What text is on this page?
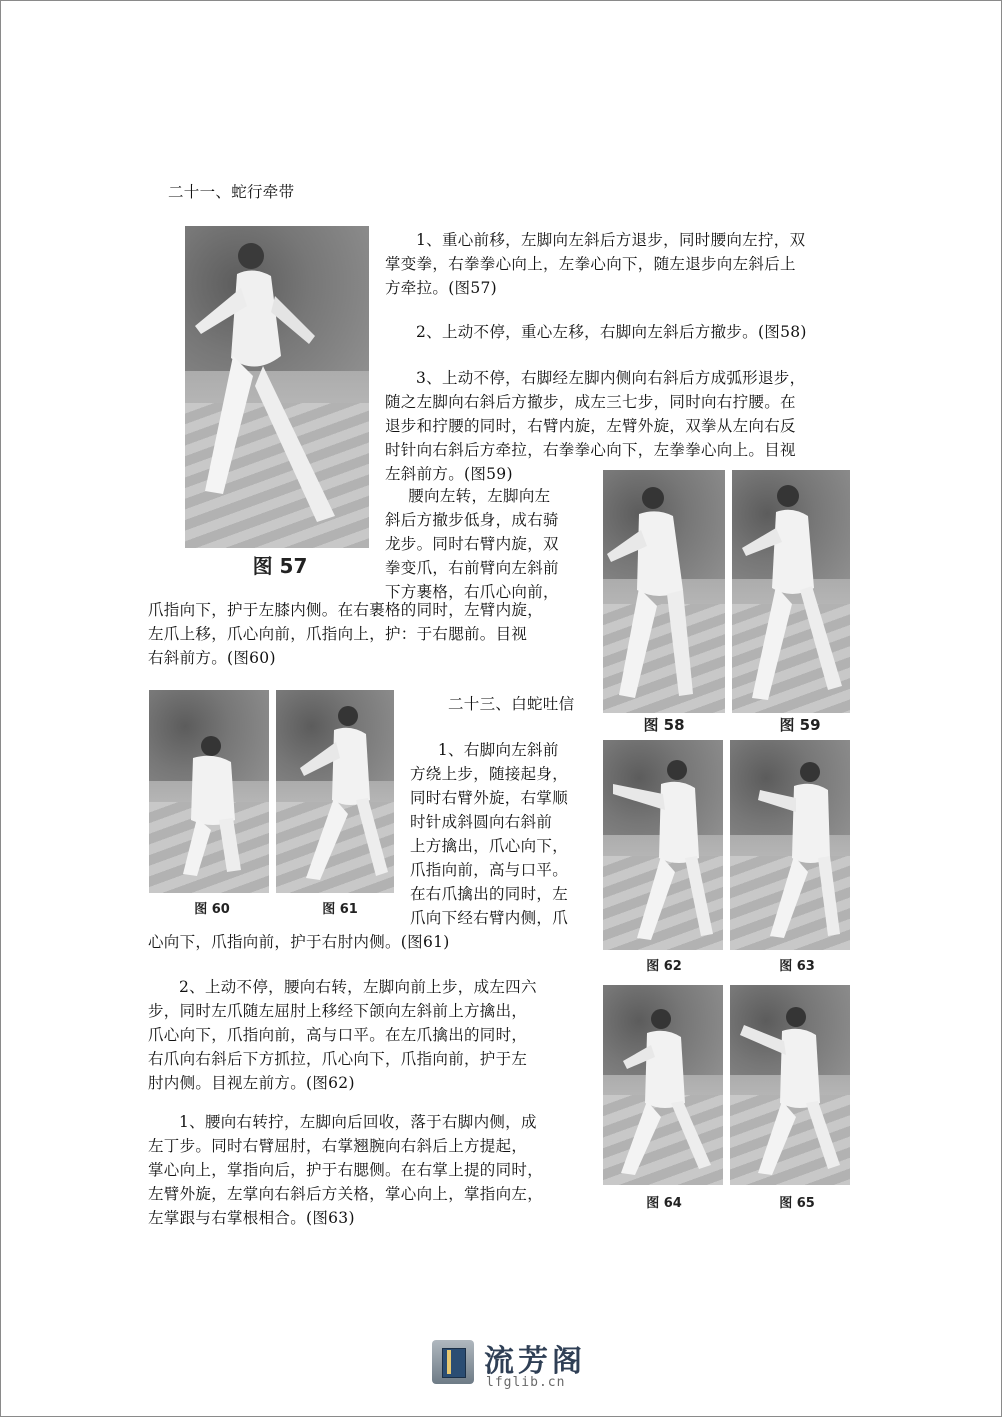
二十一、蛇行牵带
图 57
1、重心前移，左脚向左斜后方退步，同时腰向左拧，双
掌变拳，右拳拳心向上，左拳心向下，随左退步向左斜后上
方牵拉。(图57)
2、上动不停，重心左移，右脚向左斜后方撤步。(图58)
3、上动不停，右脚经左脚内侧向右斜后方成弧形退步，
随之左脚向右斜后方撤步，成左三七步，同时向右拧腰。在
退步和拧腰的同时，右臂内旋，左臂外旋，双拳从左向右反
时针向右斜后方牵拉，右拳拳心向下，左拳拳心向上。目视
左斜前方。(图59)
腰向左转，左脚向左
斜后方撤步低身，成右骑
龙步。同时右臂内旋，双
拳变爪，右前臂向左斜前
下方裹格，右爪心向前，
爪指向下，护于左膝内侧。在右裹格的同时，左臂内旋，
左爪上移，爪心向前，爪指向上，护：于右腮前。目视
右斜前方。(图60)
图 58	图 59
二十三、白蛇吐信
图 60	图 61
1、右脚向左斜前
方绕上步，随接起身，
同时右臂外旋，右掌顺
时针成斜圆向右斜前
上方擒出，爪心向下，
爪指向前，高与口平。
在右爪擒出的同时，左
爪向下经右臂内侧，爪
心向下，爪指向前，护于右肘内侧。(图61)
图 62	图 63
2、上动不停，腰向右转，左脚向前上步，成左四六
步，同时左爪随左屈肘上移经下颌向左斜前上方擒出，
爪心向下，爪指向前，高与口平。在左爪擒出的同时，
右爪向右斜后下方抓拉，爪心向下，爪指向前，护于左
肘内侧。目视左前方。(图62)
图 64	图 65
1、腰向右转拧，左脚向后回收，落于右脚内侧，成
左丁步。同时右臂屈肘，右掌翘腕向右斜后上方提起，
掌心向上，掌指向后，护于右腮侧。在右掌上提的同时，
左臂外旋，左掌向右斜后方关格，掌心向上，掌指向左，
左掌跟与右掌根相合。(图63)
流芳阁
lfglib.cn
